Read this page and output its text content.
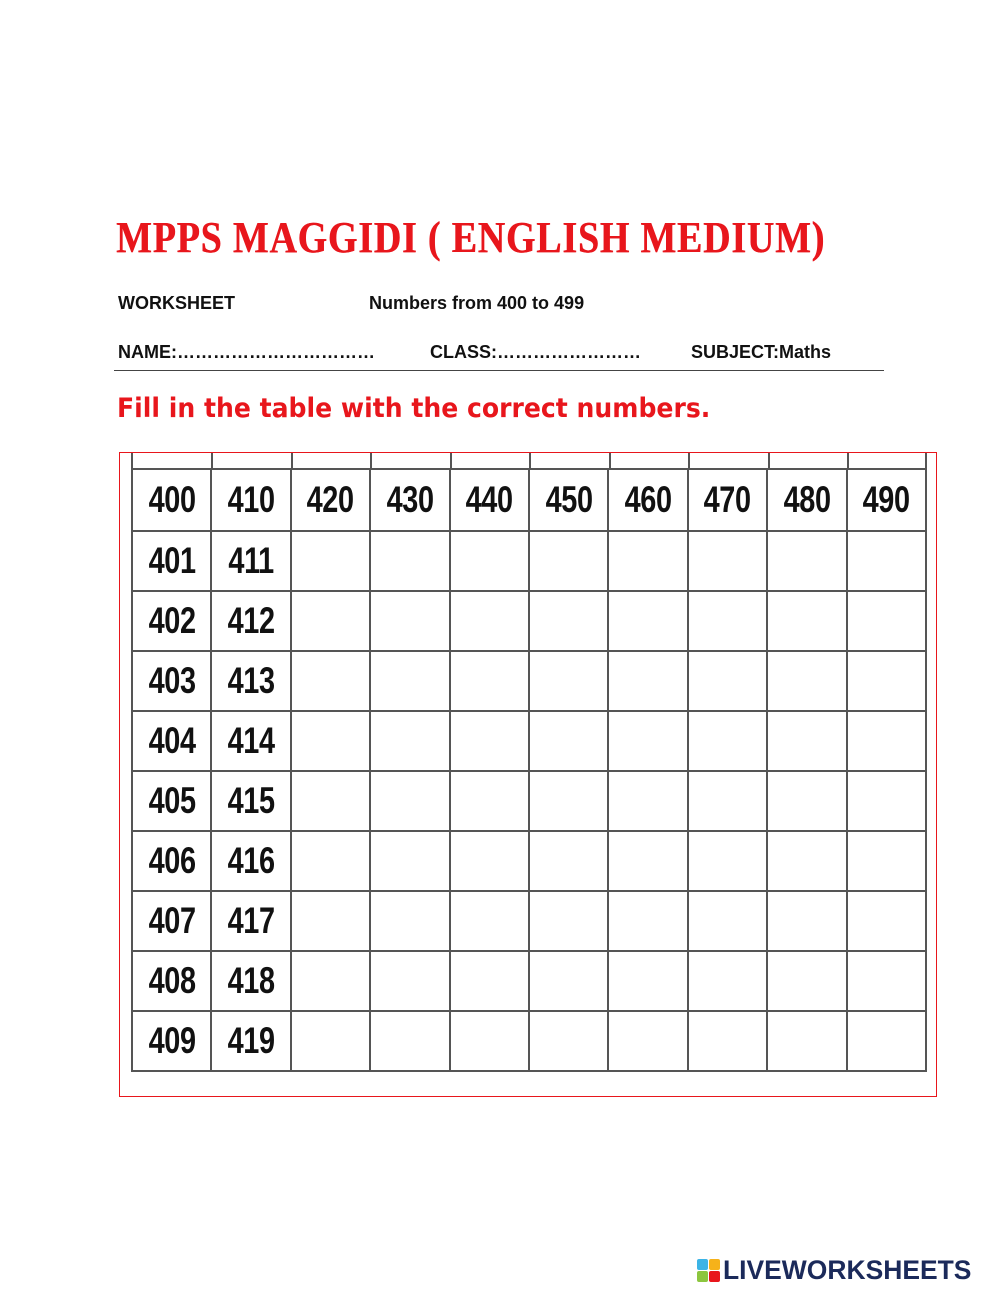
MPPS MAGGIDI ( ENGLISH MEDIUM)
WORKSHEET	Numbers from 400 to 499
NAME:……………………………	CLASS:……………………	SUBJECT:Maths
Fill in the table with the correct numbers.
400	410	420	430	440	450	460	470	480	490
401	411								
402	412								
403	413								
404	414								
405	415								
406	416								
407	417								
408	418								
409	419								
LIVEWORKSHEETS
